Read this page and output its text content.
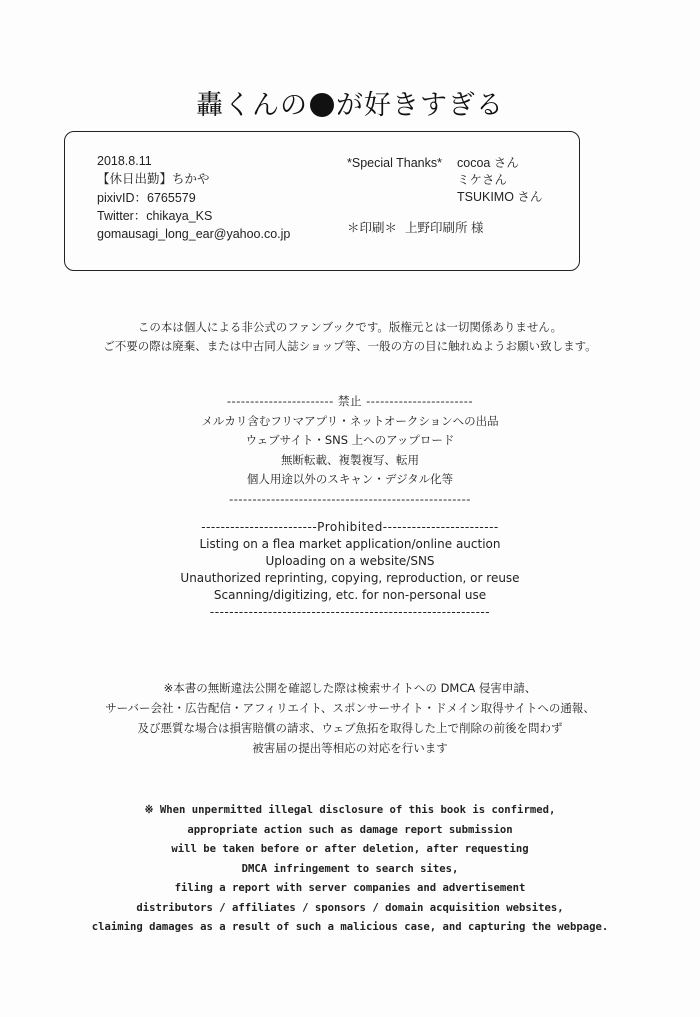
轟くんの が好きすぎる
2018.8.11
【休日出勤】ちかや
pixivID：6765579
Twitter：chikaya_KS
gomausagi_long_ear@yahoo.co.jp
*Special Thanks*	cocoa さん
ミケさん
TSUKIMO さん
＊印刷＊ 上野印刷所 様
この本は個人による非公式のファンブックです。版権元とは一切関係ありません。
ご不要の際は廃棄、または中古同人誌ショップ等、一般の方の目に触れぬようお願い致します。
----------------------- 禁止 -----------------------
メルカリ含むフリマアプリ・ネットオークションへの出品
ウェブサイト・SNS 上へのアップロード
無断転載、複製複写、転用
個人用途以外のスキャン・デジタル化等
----------------------------------------------------
------------------------Prohibited------------------------
Listing on a flea market application/online auction
Uploading on a website/SNS
Unauthorized reprinting, copying, reproduction, or reuse
Scanning/digitizing, etc. for non-personal use
----------------------------------------------------------
※本書の無断違法公開を確認した際は検索サイトへの DMCA 侵害申請、
サーバー会社・広告配信・アフィリエイト、スポンサーサイト・ドメイン取得サイトへの通報、
及び悪質な場合は損害賠償の請求、ウェブ魚拓を取得した上で削除の前後を問わず
被害届の提出等相応の対応を行います
※ When unpermitted illegal disclosure of this book is confirmed,
appropriate action such as damage report submission
will be taken before or after deletion, after requesting
DMCA infringement to search sites,
filing a report with server companies and advertisement
distributors / affiliates / sponsors / domain acquisition websites,
claiming damages as a result of such a malicious case, and capturing the webpage.
